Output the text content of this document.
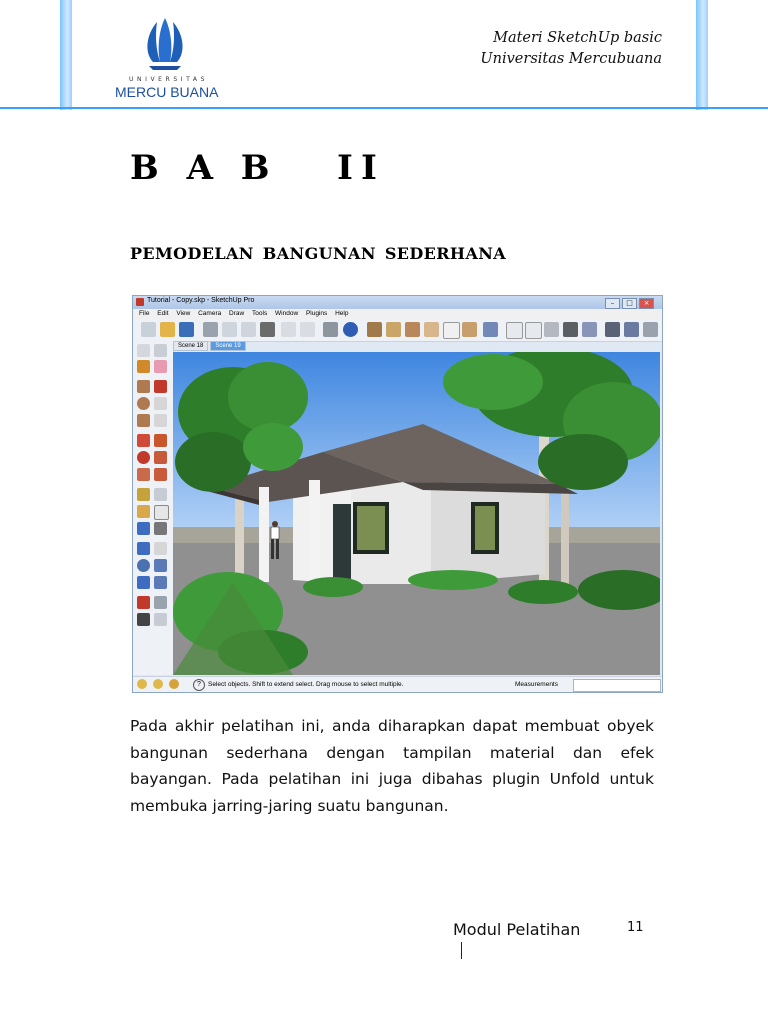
UNIVERSITAS
MERCU BUANA
Materi SketchUp basic
Universitas Mercubuana
B A B   II
PEMODELAN BANGUNAN SEDERHANA
Tutorial - Copy.skp - SketchUp Pro	–	□	×
File Edit View Camera Draw Tools Window Plugins Help
Scene 18 Scene 19
?	Select objects. Shift to extend select. Drag mouse to select multiple.	Measurements
Pada akhir pelatihan ini, anda diharapkan dapat membuat obyek bangunan sederhana dengan tampilan material dan efek bayangan. Pada pelatihan ini juga dibahas plugin Unfold untuk membuka jarring-jaring suatu bangunan.
Modul Pelatihan	11
